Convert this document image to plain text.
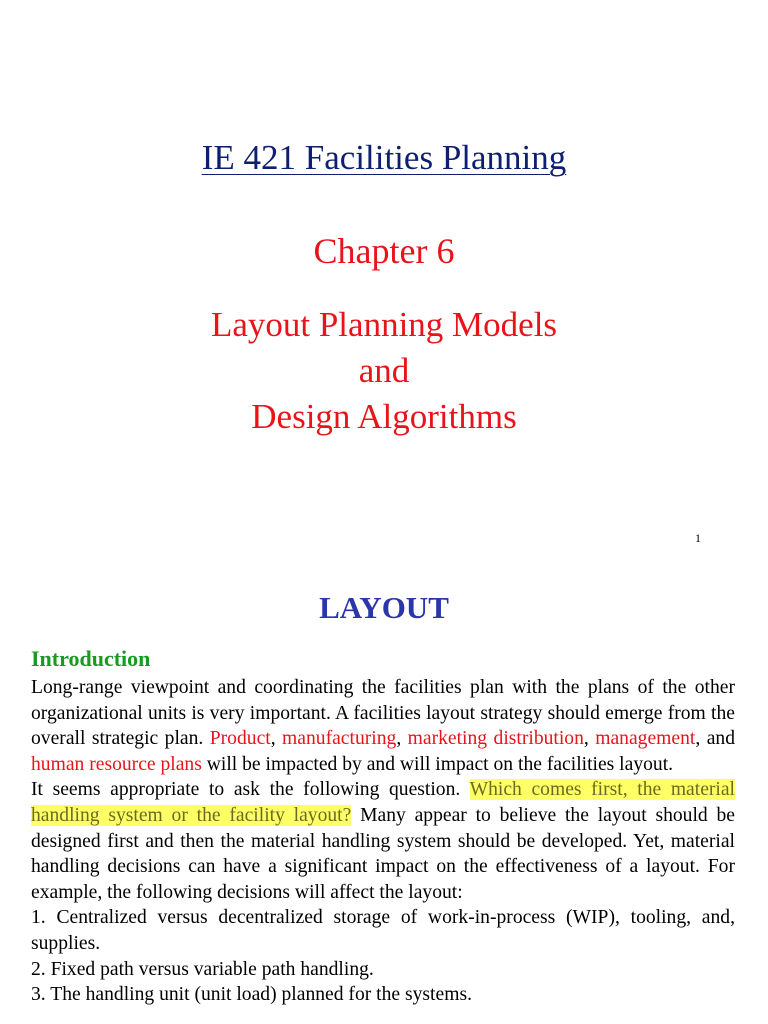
IE 421 Facilities Planning
Chapter 6
Layout Planning Models
and
Design Algorithms
1
LAYOUT
Introduction
Long-range viewpoint and coordinating the facilities plan with the plans of the other organizational units is very important. A facilities layout strategy should emerge from the overall strategic plan. Product, manufacturing, marketing distribution, management, and human resource plans will be impacted by and will impact on the facilities layout.
It seems appropriate to ask the following question. Which comes first, the material handling system or the facility layout? Many appear to believe the layout should be designed first and then the material handling system should be developed. Yet, material handling decisions can have a significant impact on the effectiveness of a layout. For example, the following decisions will affect the layout:
1. Centralized versus decentralized storage of work-in-process (WIP), tooling, and, supplies.
2. Fixed path versus variable path handling.
3. The handling unit (unit load) planned for the systems.
